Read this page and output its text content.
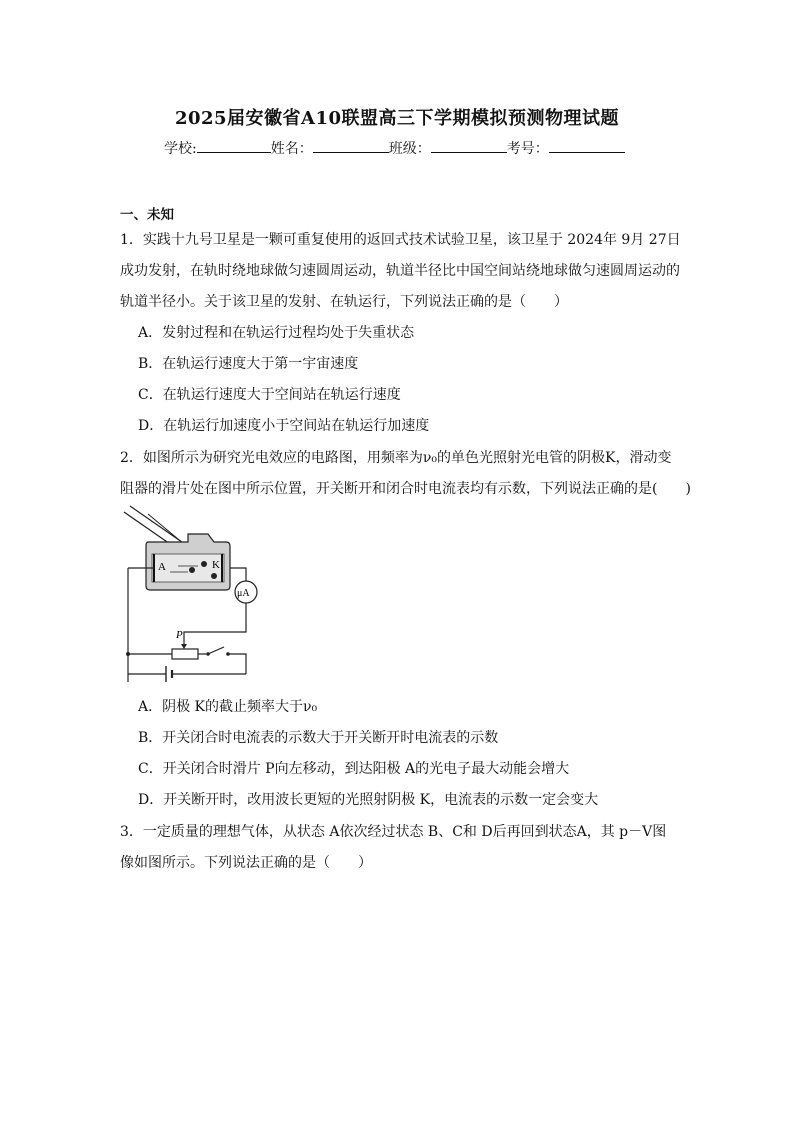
2025届安徽省A10联盟高三下学期模拟预测物理试题
学校:	姓名：	班级：	考号：
一、未知
1．实践十九号卫星是一颗可重复使用的返回式技术试验卫星，该卫星于 2024年 9月 27日
成功发射，在轨时绕地球做匀速圆周运动，轨道半径比中国空间站绕地球做匀速圆周运动的
轨道半径小。关于该卫星的发射、在轨运行，下列说法正确的是（　　）
A．发射过程和在轨运行过程均处于失重状态
B．在轨运行速度大于第一宇宙速度
C．在轨运行速度大于空间站在轨运行速度
D．在轨运行加速度小于空间站在轨运行加速度
2．如图所示为研究光电效应的电路图，用频率为ν₀的单色光照射光电管的阴极K，滑动变
阻器的滑片处在图中所示位置，开关断开和闭合时电流表均有示数，下列说法正确的是(　　)
A	K
μA
P
A．阴极 K的截止频率大于ν₀
B．开关闭合时电流表的示数大于开关断开时电流表的示数
C．开关闭合时滑片 P向左移动，到达阳极 A的光电子最大动能会增大
D．开关断开时，改用波长更短的光照射阴极 K，电流表的示数一定会变大
3．一定质量的理想气体，从状态 A依次经过状态 B、C和 D后再回到状态A，其 p－V图
像如图所示。下列说法正确的是（　　）
